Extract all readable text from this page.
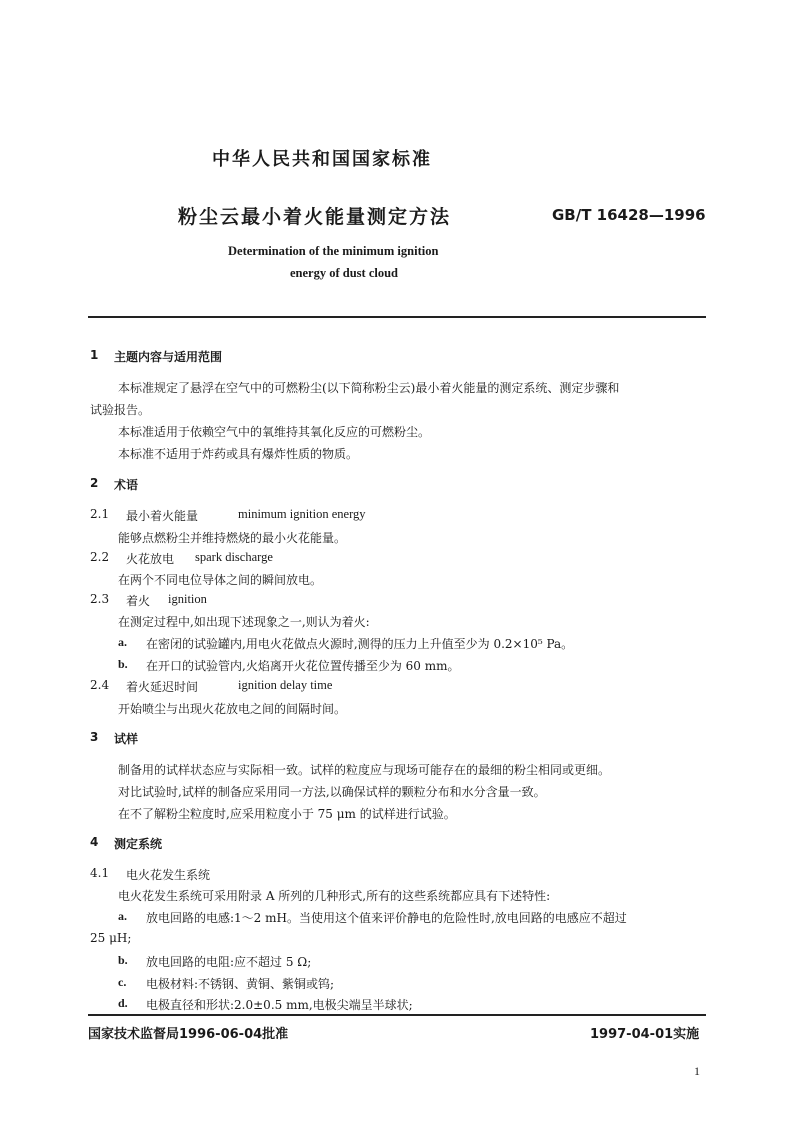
中华人民共和国国家标准
粉尘云最小着火能量测定方法	GB/T 16428—1996
Determination of the minimum ignition
energy of dust cloud
1 主题内容与适用范围
本标准规定了悬浮在空气中的可燃粉尘(以下简称粉尘云)最小着火能量的测定系统、测定步骤和
试验报告。
本标准适用于依赖空气中的氧维持其氧化反应的可燃粉尘。
本标准不适用于炸药或具有爆炸性质的物质。
2 术语
2.1 最小着火能量	minimum ignition energy
能够点燃粉尘并维持燃烧的最小火花能量。
2.2 火花放电 spark discharge
在两个不同电位导体之间的瞬间放电。
2.3 着火 ignition
在测定过程中,如出现下述现象之一,则认为着火:
a. 在密闭的试验罐内,用电火花做点火源时,测得的压力上升值至少为 0.2×10⁵ Pa。
b. 在开口的试验管内,火焰离开火花位置传播至少为 60 mm。
2.4 着火延迟时间	ignition delay time
开始喷尘与出现火花放电之间的间隔时间。
3 试样
制备用的试样状态应与实际相一致。试样的粒度应与现场可能存在的最细的粉尘相同或更细。
对比试验时,试样的制备应采用同一方法,以确保试样的颗粒分布和水分含量一致。
在不了解粉尘粒度时,应采用粒度小于 75 μm 的试样进行试验。
4 测定系统
4.1 电火花发生系统
电火花发生系统可采用附录 A 所列的几种形式,所有的这些系统都应具有下述特性:
a. 放电回路的电感:1～2 mH。当使用这个值来评价静电的危险性时,放电回路的电感应不超过
25 μH;
b. 放电回路的电阻:应不超过 5 Ω;
c. 电极材料:不锈钢、黄铜、紫铜或钨;
d. 电极直径和形状:2.0±0.5 mm,电极尖端呈半球状;
国家技术监督局1996-06-04批准	1997-04-01实施
1
